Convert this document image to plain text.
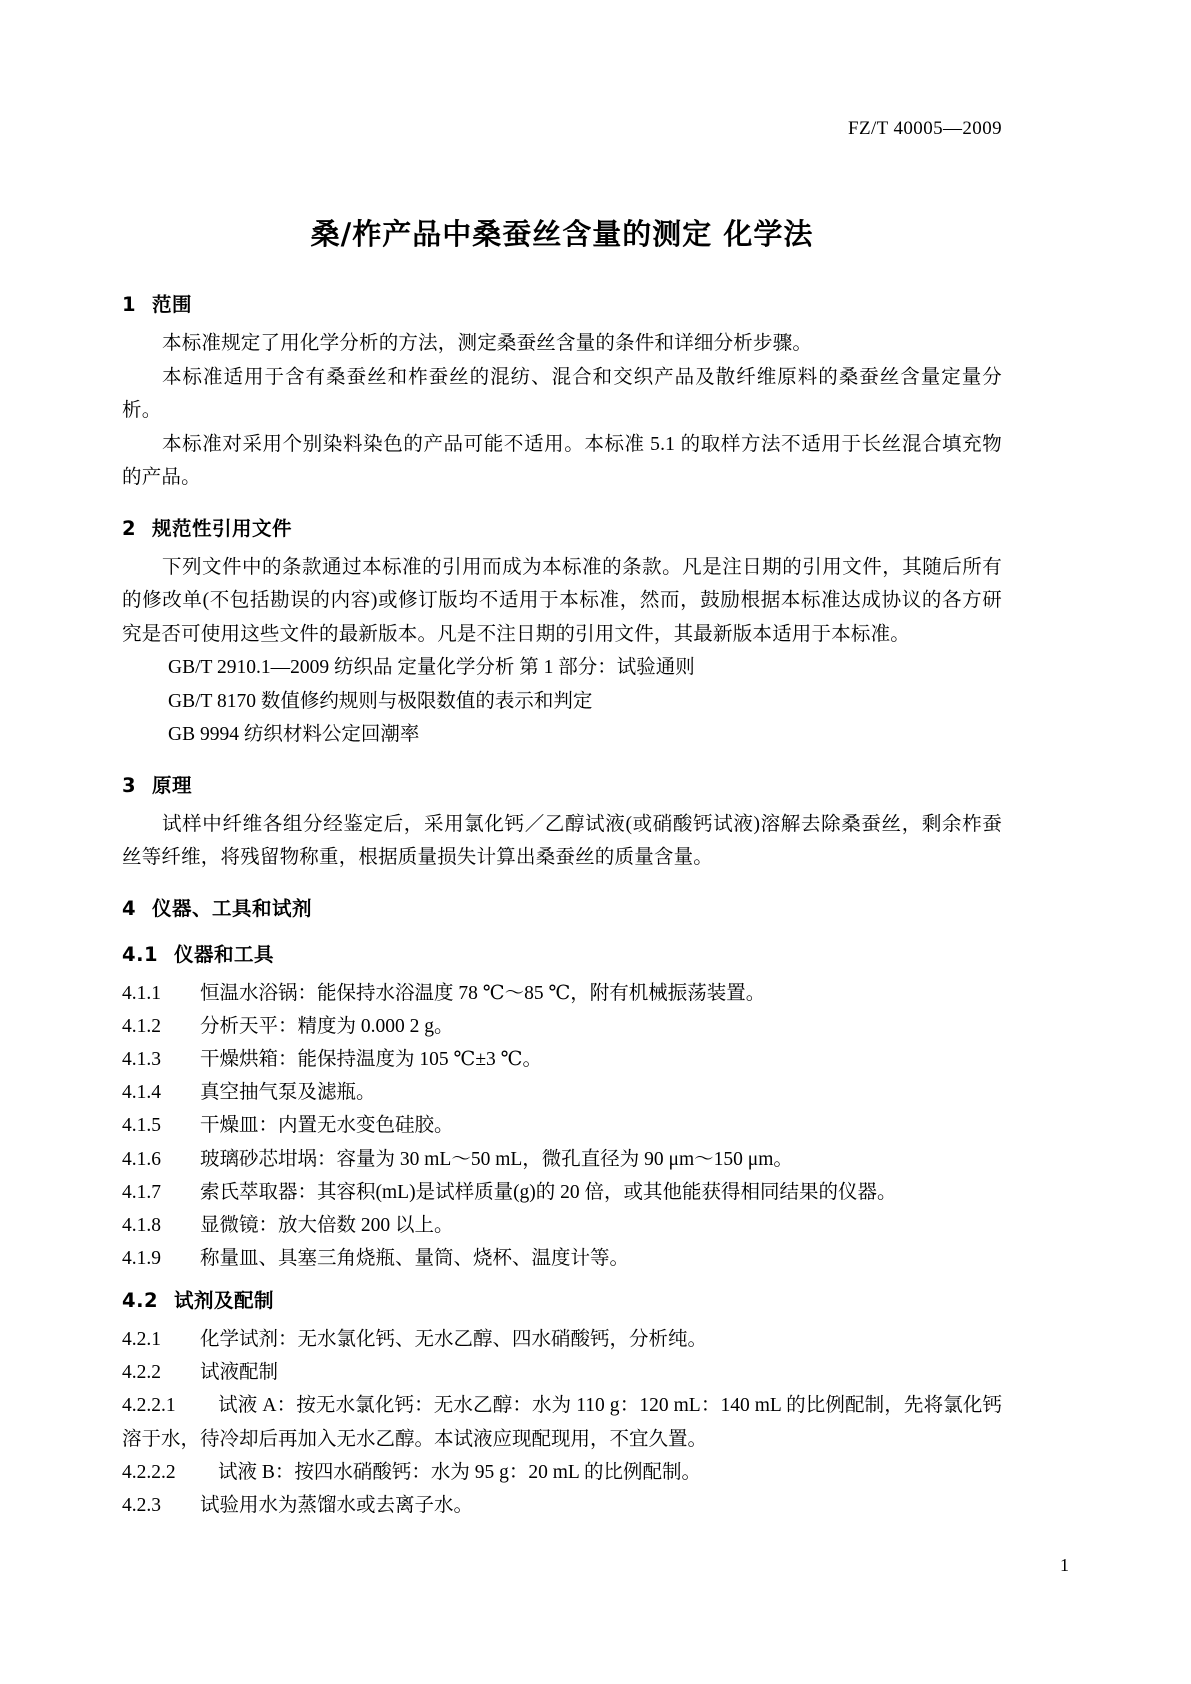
FZ/T 40005—2009
桑/柞产品中桑蚕丝含量的测定 化学法
1 范围
本标准规定了用化学分析的方法，测定桑蚕丝含量的条件和详细分析步骤。
本标准适用于含有桑蚕丝和柞蚕丝的混纺、混合和交织产品及散纤维原料的桑蚕丝含量定量分析。
本标准对采用个别染料染色的产品可能不适用。本标准 5.1 的取样方法不适用于长丝混合填充物的产品。
2 规范性引用文件
下列文件中的条款通过本标准的引用而成为本标准的条款。凡是注日期的引用文件，其随后所有的修改单(不包括勘误的内容)或修订版均不适用于本标准，然而，鼓励根据本标准达成协议的各方研究是否可使用这些文件的最新版本。凡是不注日期的引用文件，其最新版本适用于本标准。
GB/T 2910.1—2009 纺织品 定量化学分析 第 1 部分：试验通则
GB/T 8170 数值修约规则与极限数值的表示和判定
GB 9994 纺织材料公定回潮率
3 原理
试样中纤维各组分经鉴定后，采用氯化钙／乙醇试液(或硝酸钙试液)溶解去除桑蚕丝，剩余柞蚕丝等纤维，将残留物称重，根据质量损失计算出桑蚕丝的质量含量。
4 仪器、工具和试剂
4.1 仪器和工具
4.1.1 恒温水浴锅：能保持水浴温度 78 ℃～85 ℃，附有机械振荡装置。
4.1.2 分析天平：精度为 0.000 2 g。
4.1.3 干燥烘箱：能保持温度为 105 ℃±3 ℃。
4.1.4 真空抽气泵及滤瓶。
4.1.5 干燥皿：内置无水变色硅胶。
4.1.6 玻璃砂芯坩埚：容量为 30 mL～50 mL，微孔直径为 90 μm～150 μm。
4.1.7 索氏萃取器：其容积(mL)是试样质量(g)的 20 倍，或其他能获得相同结果的仪器。
4.1.8 显微镜：放大倍数 200 以上。
4.1.9 称量皿、具塞三角烧瓶、量筒、烧杯、温度计等。
4.2 试剂及配制
4.2.1 化学试剂：无水氯化钙、无水乙醇、四水硝酸钙，分析纯。
4.2.2 试液配制
4.2.2.1 试液 A：按无水氯化钙：无水乙醇：水为 110 g：120 mL：140 mL 的比例配制，先将氯化钙溶于水，待冷却后再加入无水乙醇。本试液应现配现用，不宜久置。
4.2.2.2 试液 B：按四水硝酸钙：水为 95 g：20 mL 的比例配制。
4.2.3 试验用水为蒸馏水或去离子水。
1
